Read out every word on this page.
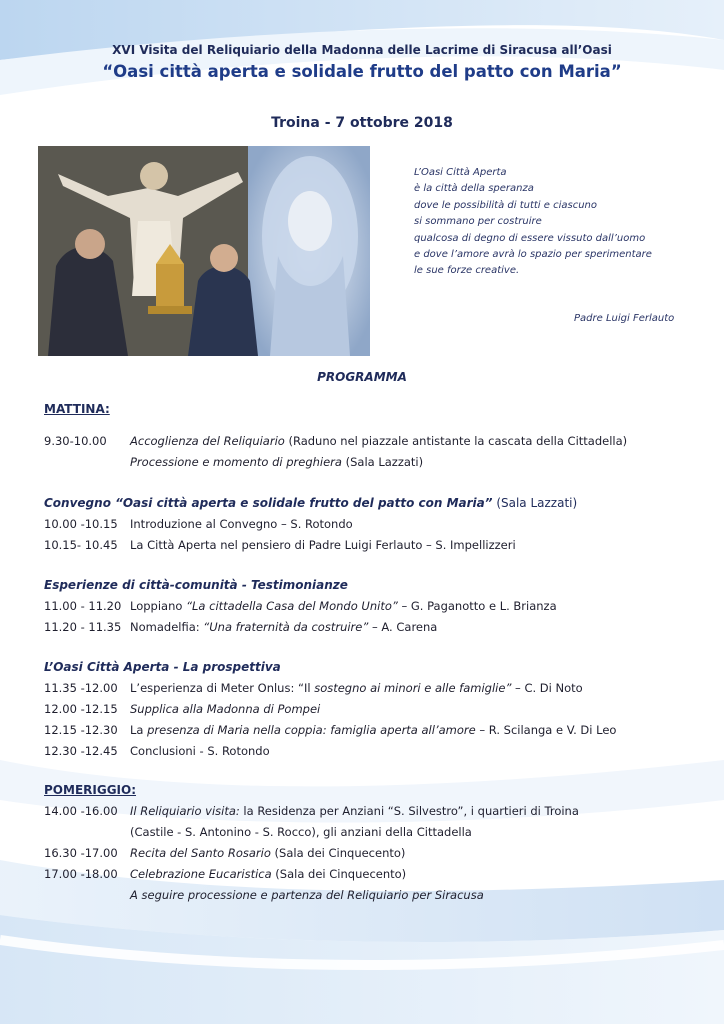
XVI Visita del Reliquiario della Madonna delle Lacrime di Siracusa all’Oasi
“Oasi città aperta e solidale frutto del patto con Maria”
Troina - 7 ottobre 2018
L’Oasi Città Aperta
è la città della speranza
dove le possibilità di tutti e ciascuno
si sommano per costruire
qualcosa di degno di essere vissuto dall’uomo
e dove l’amore avrà lo spazio per sperimentare
le sue forze creative.
Padre Luigi Ferlauto
PROGRAMMA
MATTINA:
9.30-10.00 Accoglienza del Reliquiario (Raduno nel piazzale antistante la cascata della Cittadella)
Processione e momento di preghiera (Sala Lazzati)
Convegno “Oasi città aperta e solidale frutto del patto con Maria” (Sala Lazzati)
10.00 -10.15 Introduzione al Convegno – S. Rotondo
10.15- 10.45 La Città Aperta nel pensiero di Padre Luigi Ferlauto – S. Impellizzeri
Esperienze di città-comunità - Testimonianze
11.00 - 11.20 Loppiano “La cittadella Casa del Mondo Unito” – G. Paganotto e L. Brianza
11.20 - 11.35 Nomadelfia: “Una fraternità da costruire” – A. Carena
L’Oasi Città Aperta - La prospettiva
11.35 -12.00 L’esperienza di Meter Onlus: “Il sostegno ai minori e alle famiglie” – C. Di Noto
12.00 -12.15 Supplica alla Madonna di Pompei
12.15 -12.30 La presenza di Maria nella coppia: famiglia aperta all’amore – R. Scilanga e V. Di Leo
12.30 -12.45 Conclusioni - S. Rotondo
POMERIGGIO:
14.00 -16.00 Il Reliquiario visita: la Residenza per Anziani “S. Silvestro”, i quartieri di Troina
(Castile - S. Antonino - S. Rocco), gli anziani della Cittadella
16.30 -17.00 Recita del Santo Rosario (Sala dei Cinquecento)
17.00 -18.00 Celebrazione Eucaristica (Sala dei Cinquecento)
A seguire processione e partenza del Reliquiario per Siracusa
